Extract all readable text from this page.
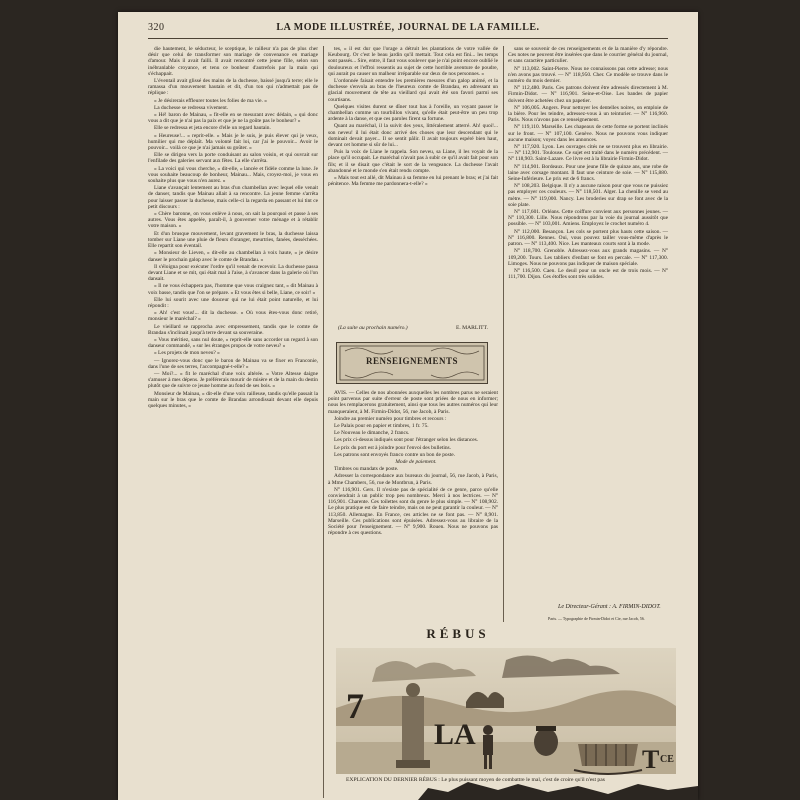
320	LA MODE ILLUSTRÉE, JOURNAL DE LA FAMILLE.

die hautement, le séducteur, le sceptique, le railleur n'a pas de plus cher désir que celui de transformer son mariage de convenance en mariage d'amour. Mais il avait failli. Il avait rencontré cette jeune fille, selon son inébranlable croyance, et tenu ce bonheur d'autrefois par la main qui s'échappait.

L'éventail avait glissé des mains de la duchesse, baissé jusqu'à terre; elle le ramassa d'un mouvement hautain et dit, d'un ton qui n'admettait pas de réplique :

« Je désirerais effleurer toutes les folies de ma vie. »

La duchesse se redressa vivement.

« Hé! baron de Mainau, » fit-elle en se mesurant avec dédain, « qui donc vous a dit que je n'ai pas la paix et que je ne la goûte pas le bonheur? »

Elle se redressa et jeta encore d'elle un regard hautain.

« Heureuse!... » reprit-elle. « Mais je le suis, je puis élever qui je veux, humilier qui me déplaît. Ma volonté fait loi, car j'ai le pouvoir... Avoir le pouvoir... voilà ce que je n'ai jamais su goûter. »

Elle se dirigea vers la porte conduisant au salon voisin, et qui ouvrait sur l'enfilade des galeries servant aux fêtes. La elle s'arrêta.

« La voici qui vous cherche, » dit-elle, « lancée et fidèle comme la lune. Je vous souhaite beaucoup de bonheur, Mainau... Mais, croyez-moi, je vous en souhaite plus que vous n'en aurez. »

Liane s'avançait lentement au bras d'un chambellan avec lequel elle venait de danser, tandis que Mainau allait à sa rencontre. La jeune femme s'arrêta pour laisser passer la duchesse, mais celle-ci la regarda en passant et lui tint ce petit discours :

« Chère baronne, on vous enlève à nous, on sait la pourquoi et passe à ses autres. Vous êtes appelée, paraît-il, à gouverner votre ménage et à rétablir votre maison. »

Et d'un brusque mouvement, levant gravement le bras, la duchesse laissa tomber sur Liane une pluie de fleurs d'oranger, meurtries, fanées, desséchées. Elle repartit son éventail.

« Monsieur de Lieven, » dit-elle au chambellan à voix haute, « je désire danser le prochain galop avec le comte de Brandau. »

Il s'éloigna pour exécuter l'ordre qu'il venait de recevoir. La duchesse passa devant Liane et se mit, qui était mal à l'aise, à s'avancer dans la galerie où l'on dansait.

« Il ne vous échappera pas, l'homme que vous craignez tant, » dit Mainau à voix basse, tandis que l'on se prépare. « Et vous êtes si belle, Liane, ce soir! »

Elle lui sourit avec une douceur qui ne lui était point naturelle, et lui répondit :

« Ah! c'est vous!... dit la duchesse. « Où vous êtes-vous donc retiré, monsieur le maréchal? »

Le vieillard se rapprocha avec empressement, tandis que le comte de Brandau s'inclinait jusqu'à terre devant sa souveraine.

« Vous méritiez, sans nul doute, » reprit-elle sans accorder un regard à son danseur commandé, « sur les étranges propos de votre neveu? »

« Les projets de mon neveu? »

— Ignorez-vous donc que le baron de Mainau va se fixer en Franconie, dans l'une de ses terres, l'accompagné-t-elle? »

— Moi?... » fit le maréchal d'une voix altérée. « Votre Altesse daigne s'amuser à mes dépens. Je préférerais mourir de misère et de la main du destin plutôt que de suivre ce jeune homme au fond de ses bois. »

Monsieur de Mainau, » dit-elle d'une voix railleuse, tandis qu'elle passait la main sur le bras que le comte de Brandau arrondissait devant elle depuis quelques minutes, »

tes, « il est dur que l'orage a détruit les plantations de votre vallée de Keubourg. Or c'est le beau jardin qu'il mettait. Tout cela est fini... les temps sont passés... Sire, entre, il faut vous soulever que je n'ai point encore oublié le douloureux et l'effroi ressentis au sujet de cette horrible aventure de poudre, qui aurait pu causer un malheur irréparable sur deux de nos personnes. »

L'ordonnée faisait entendre les premières mesures d'un galop animé, et la duchesse s'envola au bras de l'heureux comte de Brandau, en adressant un glacial mouvement de tête au vieillard qui avait été son favori parmi ses courtisans.

Quelques visites durent se dîner tout bas à l'oreille, un voyant passer le chambellan comme un tourbillon vivant, qu'elle était peut-être un peu trop ardente à la danse, et que ces paroles firent sa fortune.

Quant au maréchal, il la suivit des yeux, littéralement atterré. Ah! quoi!... son neveu! il lui était donc arrivé des choses que leur descendant qui le dominait devait payer... Il se sentit pâlir. Il avait toujours espéré bien haut, devant cet homme si sûr de lui...

Puis la voix de Liane le rappela. Son neveu, sa Liane, il les voyait de la place qu'il occupait. Le maréchal n'avait pas à subir ce qu'il avait fait pour son fils; et il se disait que c'était le sort de la vengeance. La duchesse l'avait abandonné et le monde s'en était rendu compte.

« Mais tout est allé, dit Mainau à sa femme en lui prenant le bras; et j'ai fait pénitence. Ma femme me pardonnera-t-elle? »

(La suite au prochain numéro.)	E. MARLITT.
RENSEIGNEMENTS

AVIS. — Celles de nos abonnées auxquelles les nombres parus ne seraient point parvenus par suite d'erreur de poste sont priées de nous en informer; nous les remplacerons gratuitement, ainsi que tous les autres numéros qui leur manqueraient, à M. Firmin-Didot, 56, rue Jacob, à Paris.

Joindre au premier numéro pour timbres et recours :

Le Palais pour en papier et timbres, 1 fr. 75.

Le Nouveau le dimanche, 2 francs.

Les prix ci-dessus indiqués sont pour l'étranger selon les distances.

Le prix du port est à joindre pour l'envoi des bulletins.

Les patrons sont envoyés franco contre un bon de poste.

Mode de paiement.

Timbres ou mandats de poste.

Adresser la correspondance aux bureaux du journal, 56, rue Jacob, à Paris, à Mme Chambers, 56, rue de Montbrun, à Paris.

N° 116,901. Gers. Il n'existe pas de spécialité de ce genre, parce qu'elle conviendrait à un public trop peu nombreux. Merci à nos lectrices. — N° 116,901. Charente. Ces toilettes sont du genre le plus simple. — N° 108,902. Le plus pratique est de faire teindre, mais on ne peut garantir la couleur. — N° 113,850. Allemagne. En France, ces articles ne se font pas. — N° 8,901. Marseille. Ces publications sont épuisées. Adressez-vous au libraire de la Société pour l'enseignement. — N° 9,900. Rouen. Nous ne pouvons pas répondre à ces questions.

sans se souvenir de ces renseignements et de la manière d'y répondre. Ces notes ne peuvent être insérées que dans le courrier général du journal, et sans caractère particulier.

N° 113,002. Saint-Pierre. Nous ne connaissons pas cette adresse; nous n'en avons pas trouvé. — N° 118,950. Cher. Ce modèle se trouve dans le numéro du mois dernier.

N° 112,480. Paris. Ces patrons doivent être adressés directement à M. Firmin-Didot. — N° 116,901. Seine-et-Oise. Les bandes de papier doivent être achetées chez un papetier.

N° 106,005. Angers. Pour nettoyer les dentelles noires, on emploie de la bière. Pour les teindre, adressez-vous à un teinturier. — N° 116,960. Paris. Nous n'avons pas ce renseignement.

N° 119,110. Marseille. Les chapeaux de cette forme se portent inclinés sur le front. — N° 107,100. Genève. Nous ne pouvons vous indiquer aucune maison; voyez dans les annonces.

N° 117,920. Lyon. Les ouvrages cités ne se trouvent plus en librairie. — N° 112,901. Toulouse. Ce sujet est traité dans le numéro précédent. — N° 118,903. Saint-Lazare. Ce livre est à la librairie Firmin-Didot.

N° 114,901. Bordeaux. Pour une jeune fille de quinze ans, une robe de laine avec corsage montant. Il faut une ceinture de soie. — N° 115,880. Seine-Inférieure. Le prix est de 6 francs.

N° 108,203. Belgique. Il n'y a aucune raison pour que vous ne puissiez pas employer ces couleurs. — N° 118,501. Alger. La chenille se vend au mètre. — N° 119,000. Nancy. Les broderies sur drap se font avec de la soie plate.

N° 117,601. Orléans. Cette coiffure convient aux personnes jeunes. — N° 110,300. Lille. Nous répondrons par la voie du journal aussitôt que possible. — N° 103,001. Amiens. Employez le crochet numéro 4.

N° 112,000. Besançon. Les cols se portent plus hauts cette saison. — N° 116,800. Rennes. Oui, vous pouvez tailler vous-même d'après le patron. — N° 113,400. Nice. Les manteaux courts sont à la mode.

N° 118,700. Grenoble. Adressez-vous aux grands magasins. — N° 109,200. Tours. Les tabliers d'enfant se font en percale. — N° 117,300. Limoges. Nous ne pouvons pas indiquer de maison spéciale.

N° 116,500. Caen. Le deuil pour un oncle est de trois mois. — N° 111,700. Dijon. Ces étoffes sont très solides.

Le Directeur-Gérant : A. FIRMIN-DIDOT.
Paris. — Typographie de Firmin-Didot et Cie, rue Jacob, 56.
RÉBUS
7
LA
T CE
EXPLICATION DU DERNIER RÉBUS : Le plus puissant moyen de combattre le mal, c'est de croire qu'il n'est pas
